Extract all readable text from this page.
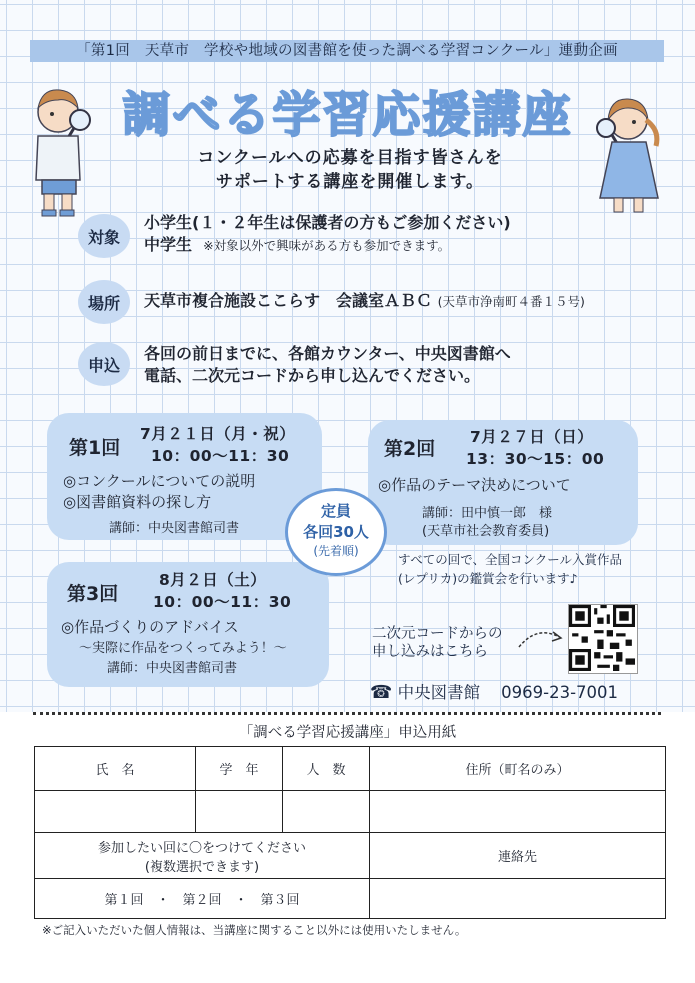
「第1回　天草市　学校や地域の図書館を使った調べる学習コンクール」連動企画
調べる学習応援講座
コンクールへの応募を目指す皆さんを
サポートする講座を開催します。
対象
小学生(１・２年生は保護者の方もご参加ください)
中学生 ※対象以外で興味がある方も参加できます。
場所	天草市複合施設ここらす　会議室ＡＢＣ (天草市浄南町４番１５号)
申込
各回の前日までに、各館カウンター、中央図書館へ
電話、二次元コードから申し込んでください。
第1回
7月２１日（月・祝）
10：00～11：30
◎コンクールについての説明
◎図書館資料の探し方
講師：中央図書館司書
第2回
7月２７日（日）
13：30～15：00
◎作品のテーマ決めについて
講師：田中慎一郎　様
(天草市社会教育委員)
第3回
8月２日（土）
10：00～11：30
◎作品づくりのアドバイス
～実際に作品をつくってみよう！～
講師：中央図書館司書
定員
各回30人
(先着順)
すべての回で、全国コンクール入賞作品
(レプリカ)の鑑賞会を行います♪
二次元コードからの
申し込みはこちら
☎ 中央図書館 0969-23-7001
「調べる学習応援講座」申込用紙
氏　名	学　年	人　数	住所（町名のみ）

参加したい回に〇をつけてください
(複数選択できます)			連絡先
第１回　・　第２回　・　第３回			
※ご記入いただいた個人情報は、当講座に関すること以外には使用いたしません。
